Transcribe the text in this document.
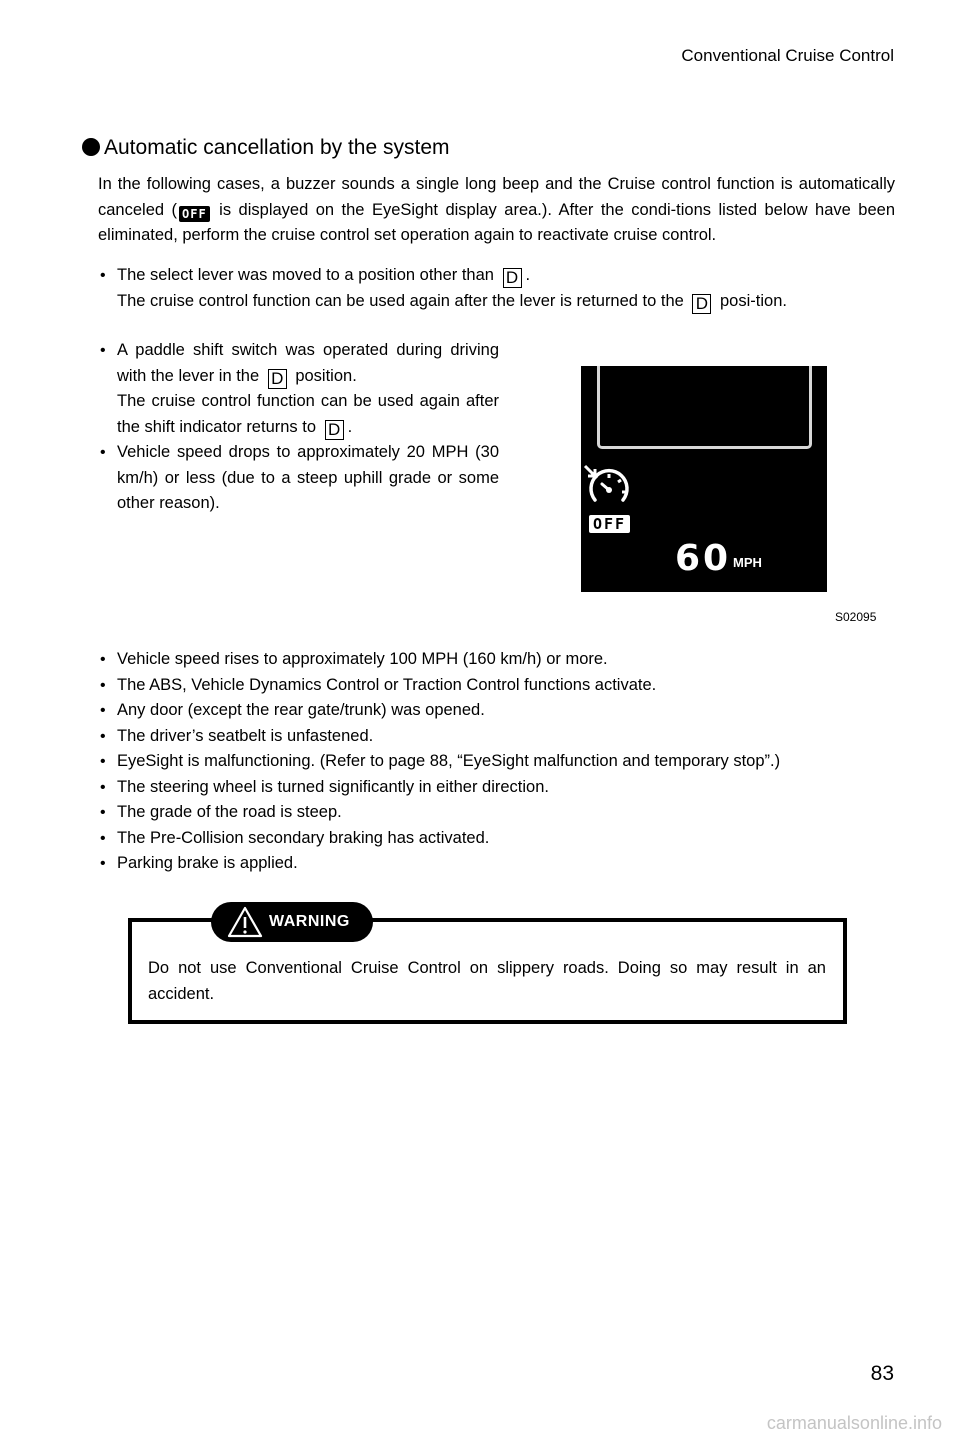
Conventional Cruise Control
Automatic cancellation by the system
In the following cases, a buzzer sounds a single long beep and the Cruise control function is automatically canceled ( OFF is displayed on the EyeSight display area.). After the condi-tions listed below have been eliminated, perform the cruise control set operation again to reactivate cruise control.
• The select lever was moved to a position other than D .
The cruise control function can be used again after the lever is returned to the D posi-tion.
• A paddle shift switch was operated during driving with the lever in the D position.
The cruise control function can be used again after the shift indicator returns to D .
• Vehicle speed drops to approximately 20 MPH (30 km/h) or less (due to a steep uphill grade or some other reason).
OFF
60 MPH
S02095
• Vehicle speed rises to approximately 100 MPH (160 km/h) or more.
• The ABS, Vehicle Dynamics Control or Traction Control functions activate.
• Any door (except the rear gate/trunk) was opened.
• The driver’s seatbelt is unfastened.
• EyeSight is malfunctioning. (Refer to page 88, “EyeSight malfunction and temporary stop”.)
• The steering wheel is turned significantly in either direction.
• The grade of the road is steep.
• The Pre-Collision secondary braking has activated.
• Parking brake is applied.
Do not use Conventional Cruise Control on slippery roads. Doing so may result in an accident.
WARNING
83
carmanualsonline.info
